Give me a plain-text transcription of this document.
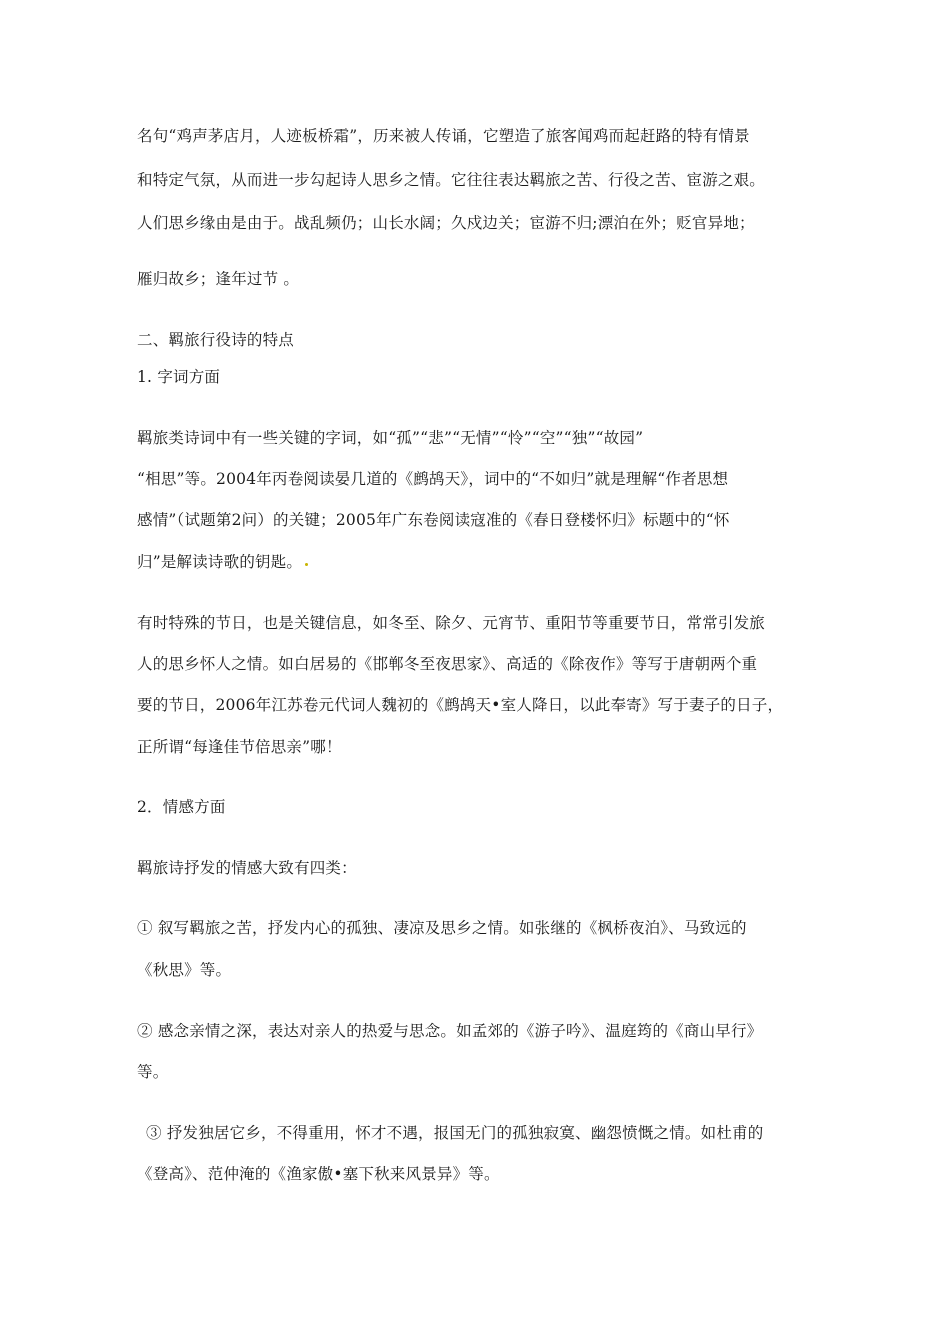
名句“鸡声茅店月，人迹板桥霜”，历来被人传诵，它塑造了旅客闻鸡而起赶路的特有情景

和特定气氛，从而进一步勾起诗人思乡之情。它往往表达羁旅之苦、行役之苦、宦游之艰。

人们思乡缘由是由于。战乱频仍；山长水阔；久戍边关；宦游不归;漂泊在外；贬官异地；

雁归故乡；逢年过节 。

二、羁旅行役诗的特点

1. 字词方面

羁旅类诗词中有一些关键的字词，如“孤”“悲”“无情”“怜”“空”“独”“故园”

“相思”等。2004年丙卷阅读晏几道的《鹧鸪天》，词中的“不如归”就是理解“作者思想

感情”（试题第2问）的关键；2005年广东卷阅读寇准的《春日登楼怀归》标题中的“怀

归”是解读诗歌的钥匙。

有时特殊的节日，也是关键信息，如冬至、除夕、元宵节、重阳节等重要节日，常常引发旅

人的思乡怀人之情。如白居易的《邯郸冬至夜思家》、高适的《除夜作》等写于唐朝两个重

要的节日，2006年江苏卷元代词人魏初的《鹧鸪天•室人降日，以此奉寄》写于妻子的日子，

正所谓“每逢佳节倍思亲”哪！

2．情感方面

羁旅诗抒发的情感大致有四类：

① 叙写羁旅之苦，抒发内心的孤独、凄凉及思乡之情。如张继的《枫桥夜泊》、马致远的

《秋思》等。

② 感念亲情之深，表达对亲人的热爱与思念。如孟郊的《游子吟》、温庭筠的《商山早行》

等。

③ 抒发独居它乡，不得重用，怀才不遇，报国无门的孤独寂寞、幽怨愤慨之情。如杜甫的

《登高》、范仲淹的《渔家傲•塞下秋来风景异》等。
